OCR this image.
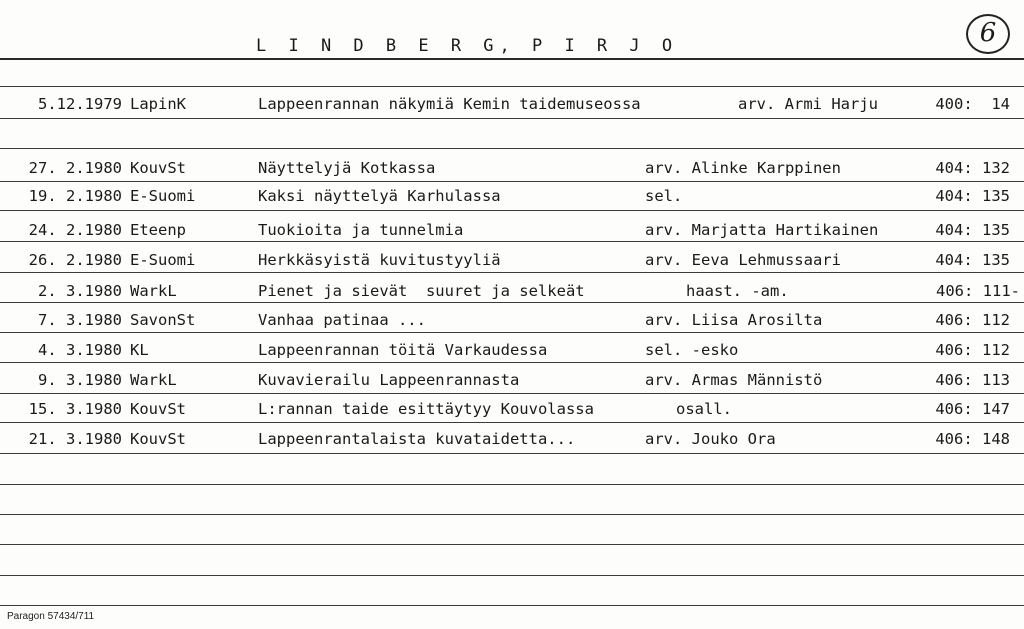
L I N D B E R G, P I R J O	6
5.12.1979 LapinK	Lappeenrannan näkymiä Kemin taidemuseossa	arv. Armi Harju	400:  14
27. 2.1980 KouvSt	Näyttelyjä Kotkassa	arv. Alinke Karppinen	404: 132
19. 2.1980 E-Suomi	Kaksi näyttelyä Karhulassa	sel.	404: 135
24. 2.1980 Eteenp	Tuokioita ja tunnelmia	arv. Marjatta Hartikainen	404: 135
26. 2.1980 E-Suomi	Herkkäsyistä kuvitustyyliä	arv. Eeva Lehmussaari	404: 135
2. 3.1980 WarkL	Pienet ja sievät  suuret ja selkeät	haast. -am.	406: 111-
7. 3.1980 SavonSt	Vanhaa patinaa ...	arv. Liisa Arosilta	406: 112
4. 3.1980 KL	Lappeenrannan töitä Varkaudessa	sel. -esko	406: 112
9. 3.1980 WarkL	Kuvavierailu Lappeenrannasta	arv. Armas Männistö	406: 113
15. 3.1980 KouvSt	L:rannan taide esittäytyy Kouvolassa	osall.	406: 147
21. 3.1980 KouvSt	Lappeenrantalaista kuvataidetta...	arv. Jouko Ora	406: 148
Paragon 57434/711
